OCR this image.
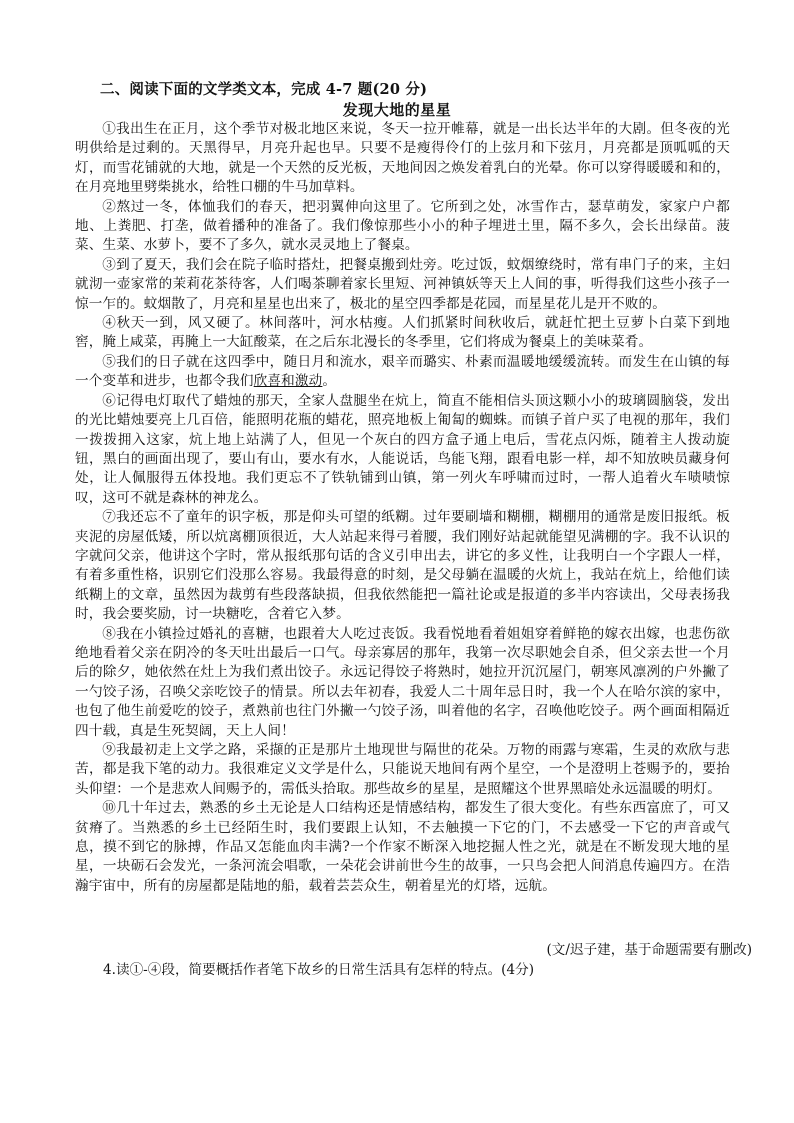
二、阅读下面的文学类文本，完成 4-7 题(20 分)
发现大地的星星

①我出生在正月，这个季节对极北地区来说，冬天一拉开帷幕，就是一出长达半年的大剧。但冬夜的光明供给是过剩的。天黑得早，月亮升起也早。只要不是瘦得伶仃的上弦月和下弦月，月亮都是顶呱呱的天灯，而雪花铺就的大地，就是一个天然的反光板，天地间因之焕发着乳白的光晕。你可以穿得暖暖和和的，在月亮地里劈柴挑水，给牲口棚的牛马加草料。

②熬过一冬，体恤我们的春天，把羽翼伸向这里了。它所到之处，冰雪作古，瑟草萌发，家家户户都地、上粪肥、打垄，做着播种的准备了。我们像惊那些小小的种子埋进土里，隔不多久，会长出绿苗。菠菜、生菜、水萝卜，要不了多久，就水灵灵地上了餐桌。

③到了夏天，我们会在院子临时搭灶，把餐桌搬到灶旁。吃过饭，蚊烟缭绕时，常有串门子的来，主妇就沏一壶家常的茉莉花茶待客，人们喝茶聊着家长里短、河神镇妖等天上人间的事，听得我们这些小孩子一惊一乍的。蚊烟散了，月亮和星星也出来了，极北的星空四季都是花园，而星星花儿是开不败的。

④秋天一到，风又硬了。林间落叶，河水枯瘦。人们抓紧时间秋收后，就赶忙把土豆萝卜白菜下到地窖，腌上咸菜，再腌上一大缸酸菜，在之后东北漫长的冬季里，它们将成为餐桌上的美味菜肴。

⑤我们的日子就在这四季中，随日月和流水，艰辛而璐实、朴素而温暖地缓缓流转。而发生在山镇的每一个变革和进步，也都令我们欣喜和激动。

⑥记得电灯取代了蜡烛的那天，全家人盘腿坐在炕上，简直不能相信头顶这颗小小的玻璃圆脑袋，发出的光比蜡烛要亮上几百倍，能照明花瓶的蜡花，照亮地板上匍匐的蜘蛛。而镇子首户买了电视的那年，我们一拨拨拥入这家，炕上地上站满了人，但见一个灰白的四方盒子通上电后，雪花点闪烁，随着主人拨动旋钮，黑白的画面出现了，要山有山，要水有水，人能说话，鸟能飞翔，跟看电影一样，却不知放映员藏身何处，让人佩服得五体投地。我们更忘不了铁轨铺到山镇，第一列火车呼啸而过时，一帮人追着火车啧啧惊叹，这可不就是森林的神龙么。

⑦我还忘不了童年的识字板，那是仰头可望的纸糊。过年要刷墙和糊棚，糊棚用的通常是废旧报纸。板夹泥的房屋低矮，所以炕离棚顶很近，大人站起来得弓着腰，我们刚好站起就能望见满棚的字。我不认识的字就问父亲，他讲这个字时，常从报纸那句话的含义引申出去，讲它的多义性，让我明白一个字跟人一样，有着多重性格，识别它们没那么容易。我最得意的时刻，是父母躺在温暖的火炕上，我站在炕上，给他们读纸糊上的文章，虽然因为裁剪有些段落缺损，但我依然能把一篇社论或是报道的多半内容读出，父母表扬我时，我会要奖励，讨一块糖吃，含着它入梦。

⑧我在小镇捡过婚礼的喜糖，也跟着大人吃过丧饭。我看悦地看着姐姐穿着鲜艳的嫁衣出嫁，也悲伤欲绝地看着父亲在阴冷的冬天吐出最后一口气。母亲寡居的那年，我第一次尽职她会自杀，但父亲去世一个月后的除夕，她依然在灶上为我们煮出饺子。永远记得饺子将熟时，她拉开沉沉屋门，朝寒风凛冽的户外撇了一勺饺子汤，召唤父亲吃饺子的情景。所以去年初春，我爱人二十周年忌日时，我一个人在哈尔滨的家中，也包了他生前爱吃的饺子，煮熟前也往门外撇一勺饺子汤，叫着他的名字，召唤他吃饺子。两个画面相隔近四十载，真是生死契阔，天上人间！

⑨我最初走上文学之路，采撷的正是那片土地现世与隔世的花朵。万物的雨露与寒霜，生灵的欢欣与悲苦，都是我下笔的动力。我很难定义文学是什么，只能说天地间有两个星空，一个是澄明上苍赐予的，要抬头仰望：一个是悲欢人间赐予的，需低头拾取。那些故乡的星星，是照耀这个世界黑暗处永远温暖的明灯。

⑩几十年过去，熟悉的乡土无论是人口结构还是情感结构，都发生了很大变化。有些东西富庶了，可又贫瘠了。当熟悉的乡土已经陌生时，我们要跟上认知，不去触摸一下它的门，不去感受一下它的声音或气息，摸不到它的脉搏，作品又怎能血肉丰满?一个作家不断深入地挖掘人性之光，就是在不断发现大地的星星，一块砺石会发光，一条河流会唱歌，一朵花会讲前世今生的故事，一只鸟会把人间消息传遍四方。在浩瀚宇宙中，所有的房屋都是陆地的船，载着芸芸众生，朝着星光的灯塔，远航。

(文/迟子建，基于命题需要有删改)
4.读①-④段，简要概括作者笔下故乡的日常生活具有怎样的特点。(4分)
